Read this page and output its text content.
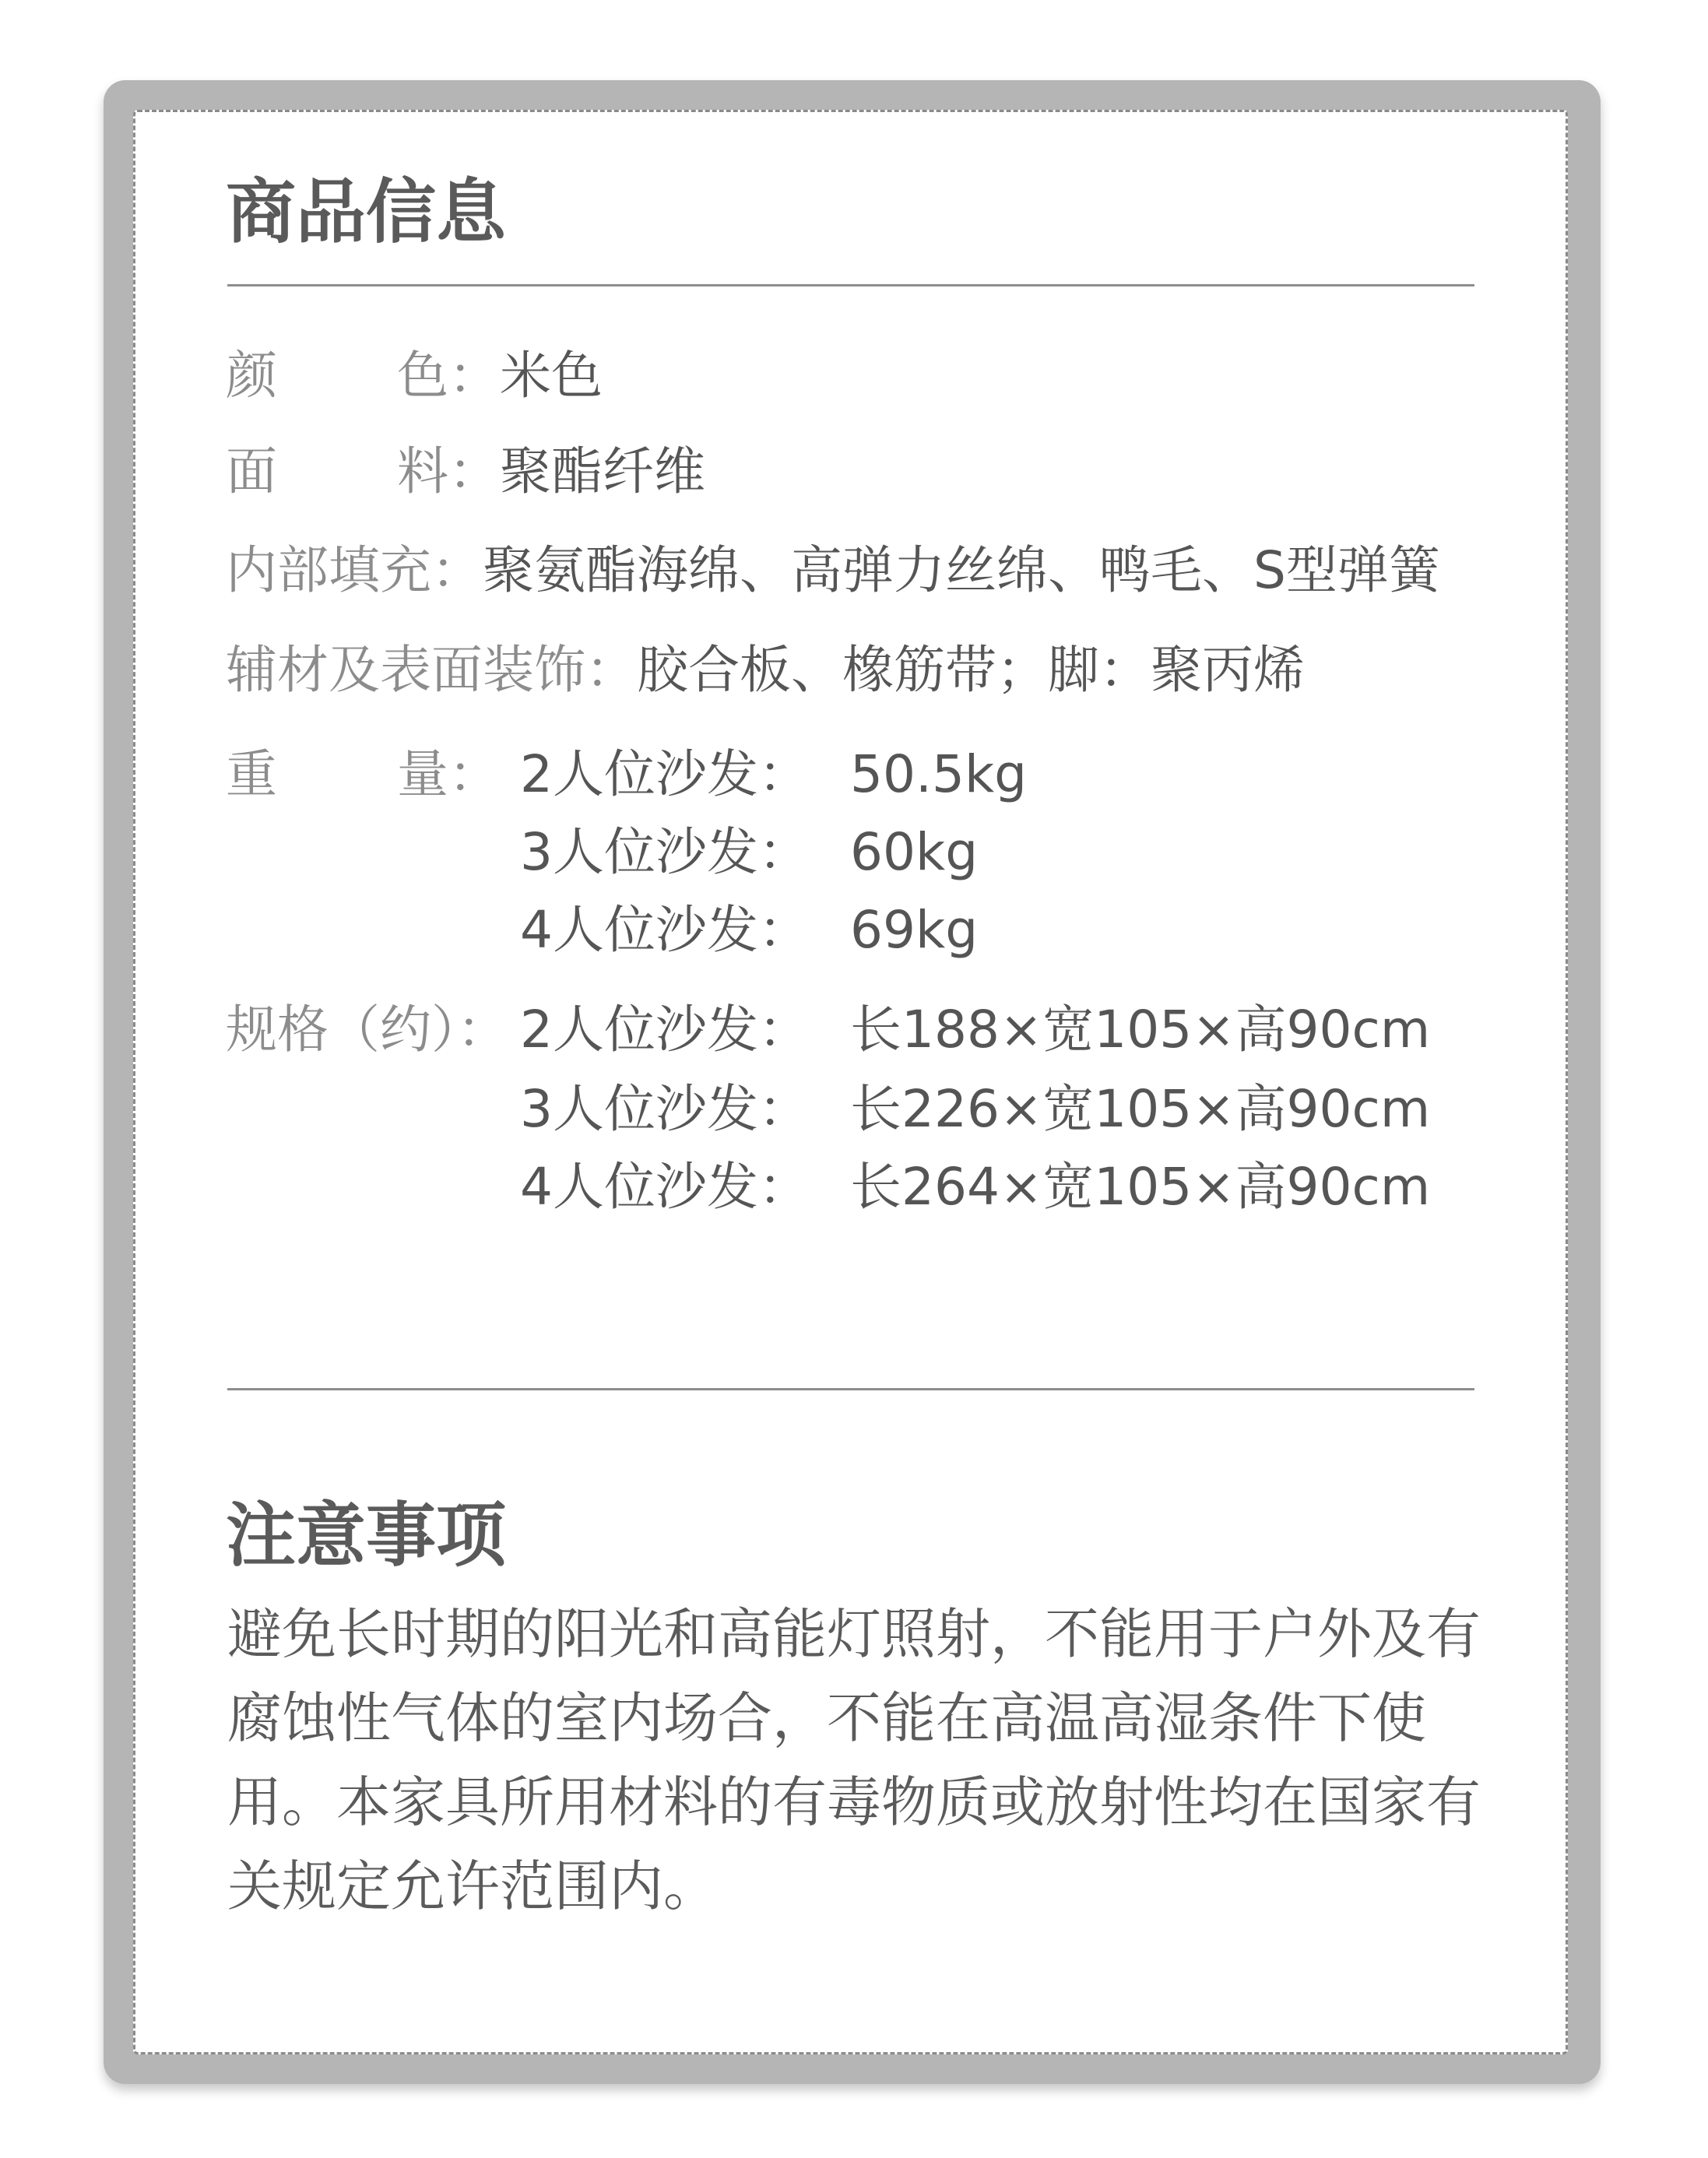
商品信息
颜 色：米色
面 料：聚酯纤维
内部填充：聚氨酯海绵、高弹力丝绵、鸭毛、S型弹簧
辅材及表面装饰：胶合板、橡筋带；脚：聚丙烯
重 量： 2人位沙发： 50.5kg
3人位沙发： 60kg
4人位沙发： 69kg
规格（约）： 2人位沙发： 长188×宽105×高90cm
3人位沙发： 长226×宽105×高90cm
4人位沙发： 长264×宽105×高90cm
注意事项
避免长时期的阳光和高能灯照射，不能用于户外及有腐蚀性气体的室内场合，不能在高温高湿条件下使用。本家具所用材料的有毒物质或放射性均在国家有关规定允许范围内。
